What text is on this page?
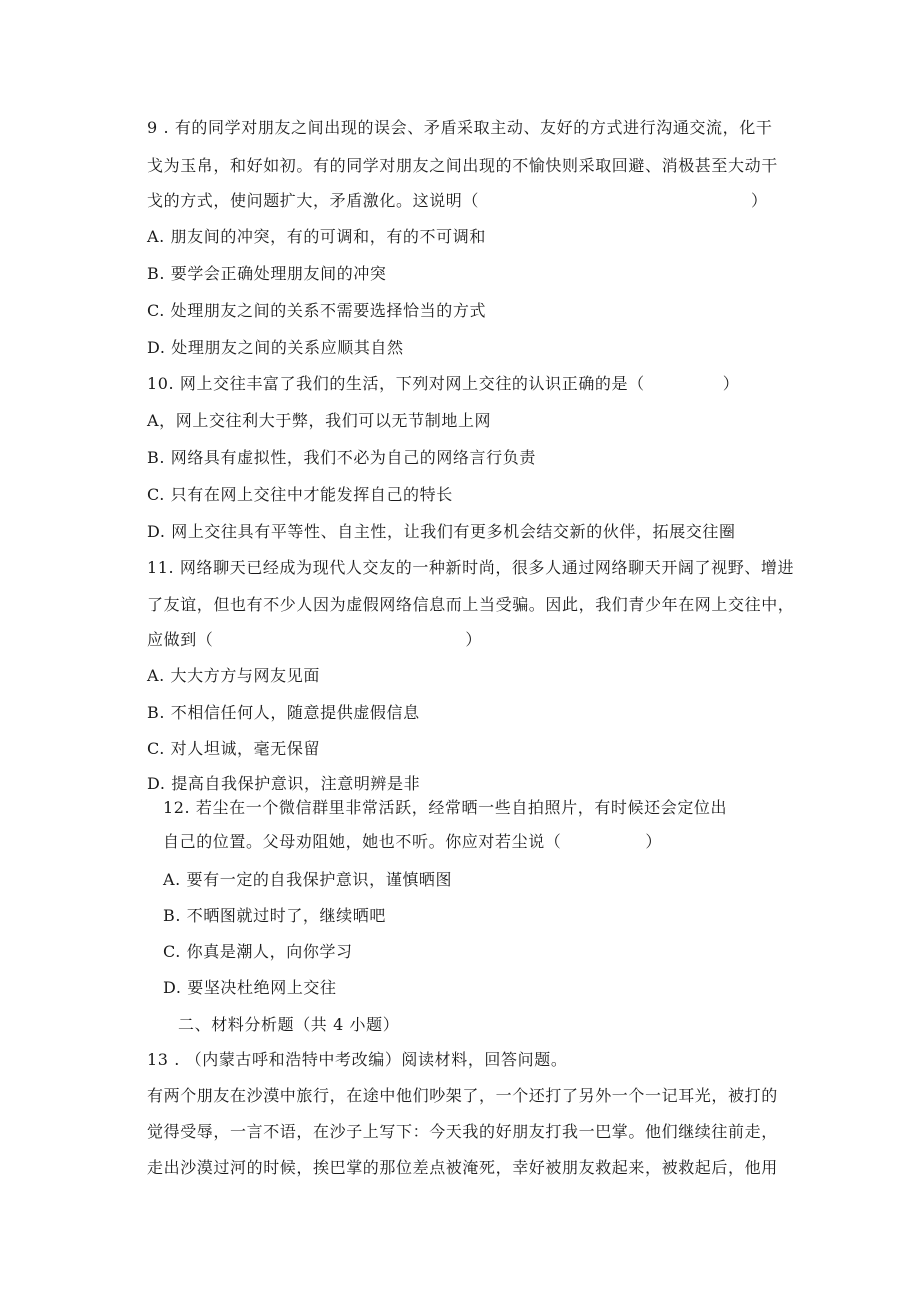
9 . 有的同学对朋友之间出现的误会、矛盾采取主动、友好的方式进行沟通交流，化干
戈为玉帛，和好如初。有的同学对朋友之间出现的不愉快则采取回避、消极甚至大动干
戈的方式，使问题扩大，矛盾激化。这说明（	）
A. 朋友间的冲突，有的可调和，有的不可调和
B. 要学会正确处理朋友间的冲突
C. 处理朋友之间的关系不需要选择恰当的方式
D. 处理朋友之间的关系应顺其自然
10. 网上交往丰富了我们的生活，下列对网上交往的认识正确的是（	）
A，网上交往利大于弊，我们可以无节制地上网
B. 网络具有虚拟性，我们不必为自己的网络言行负责
C. 只有在网上交往中才能发挥自己的特长
D. 网上交往具有平等性、自主性，让我们有更多机会结交新的伙伴，拓展交往圈
11. 网络聊天已经成为现代人交友的一种新时尚，很多人通过网络聊天开阔了视野、增进
了友谊，但也有不少人因为虚假网络信息而上当受骗。因此，我们青少年在网上交往中，
应做到（	）
A. 大大方方与网友见面
B. 不相信任何人，随意提供虚假信息
C. 对人坦诚，毫无保留
D. 提高自我保护意识，注意明辨是非
12. 若尘在一个微信群里非常活跃，经常晒一些自拍照片，有时候还会定位出
自己的位置。父母劝阻她，她也不听。你应对若尘说（	）
A. 要有一定的自我保护意识，谨慎晒图
B. 不晒图就过时了，继续晒吧
C. 你真是潮人，向你学习
D. 要坚决杜绝网上交往
二、材料分析题（共 4 小题）
13 . （内蒙古呼和浩特中考改编）阅读材料，回答问题。
有两个朋友在沙漠中旅行，在途中他们吵架了，一个还打了另外一个一记耳光，被打的
觉得受辱，一言不语，在沙子上写下：今天我的好朋友打我一巴掌。他们继续往前走，
走出沙漠过河的时候，挨巴掌的那位差点被淹死，幸好被朋友救起来，被救起后，他用
